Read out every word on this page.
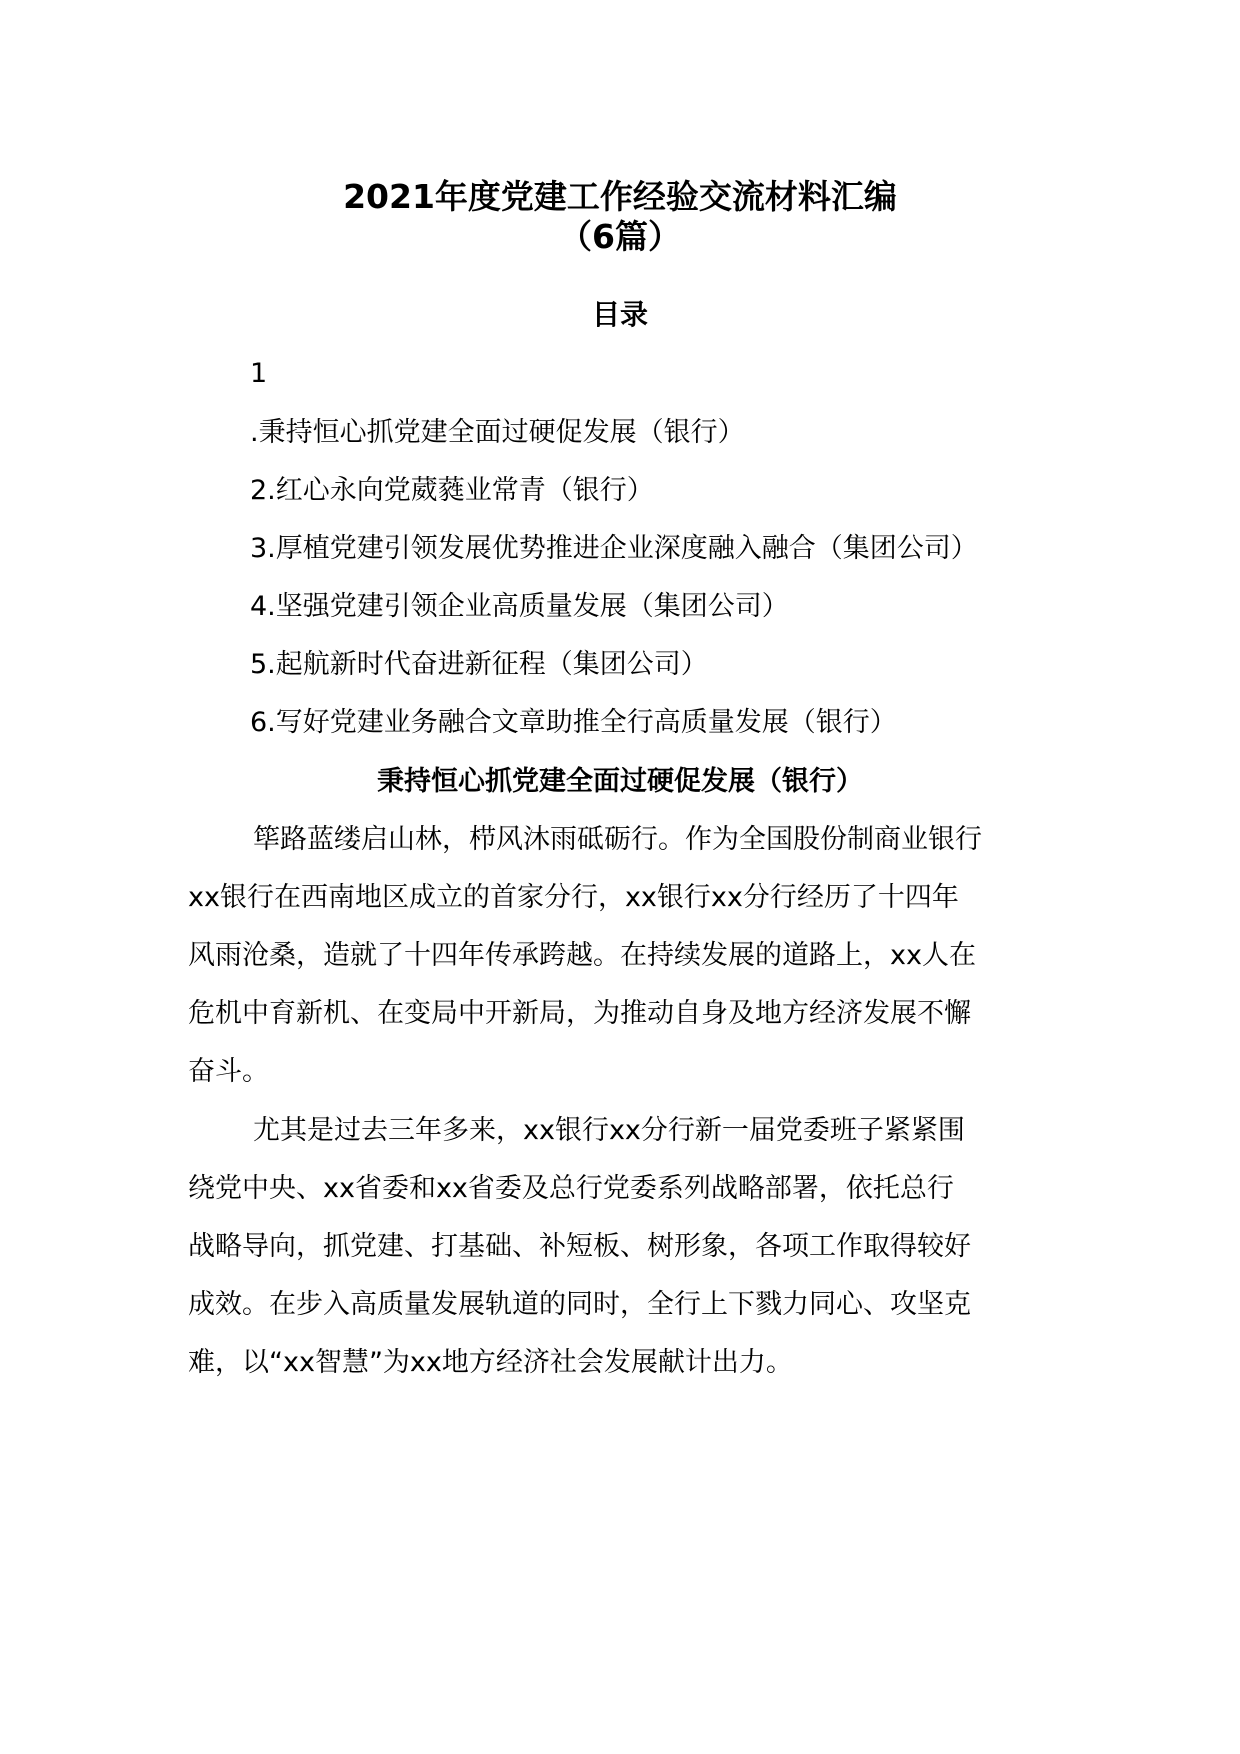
2021年度党建工作经验交流材料汇编
（6篇）
目录
1
.秉持恒心抓党建全面过硬促发展（银行）
2.红心永向党葳蕤业常青（银行）
3.厚植党建引领发展优势推进企业深度融入融合（集团公司）
4.坚强党建引领企业高质量发展（集团公司）
5.起航新时代奋进新征程（集团公司）
6.写好党建业务融合文章助推全行高质量发展（银行）
秉持恒心抓党建全面过硬促发展（银行）
筚路蓝缕启山林，栉风沐雨砥砺行。作为全国股份制商业银行
xx银行在西南地区成立的首家分行，xx银行xx分行经历了十四年
风雨沧桑，造就了十四年传承跨越。在持续发展的道路上，xx人在
危机中育新机、在变局中开新局，为推动自身及地方经济发展不懈
奋斗。
尤其是过去三年多来，xx银行xx分行新一届党委班子紧紧围
绕党中央、xx省委和xx省委及总行党委系列战略部署，依托总行
战略导向，抓党建、打基础、补短板、树形象，各项工作取得较好
成效。在步入高质量发展轨道的同时，全行上下戮力同心、攻坚克
难，以“xx智慧”为xx地方经济社会发展献计出力。
